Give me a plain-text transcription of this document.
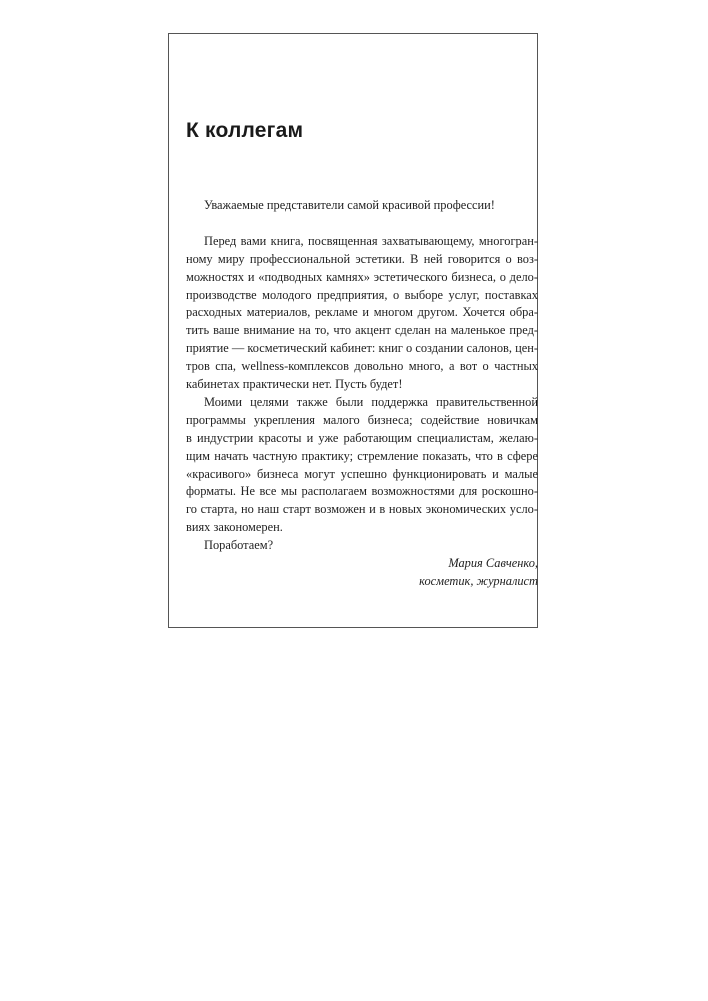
К коллегам

Уважаемые представители самой красивой профессии!

Перед вами книга, посвященная захватывающему, многогран-
ному миру профессиональной эстетики. В ней говорится о воз-
можностях и «подводных камнях» эстетического бизнеса, о дело-
производстве молодого предприятия, о выборе услуг, поставках
расходных материалов, рекламе и многом другом. Хочется обра-
тить ваше внимание на то, что акцент сделан на маленькое пред-
приятие — косметический кабинет: книг о создании салонов, цен-
тров спа, wellness-комплексов довольно много, а вот о частных
кабинетах практически нет. Пусть будет!

Моими целями также были поддержка правительственной
программы укрепления малого бизнеса; содействие новичкам
в индустрии красоты и уже работающим специалистам, желаю-
щим начать частную практику; стремление показать, что в сфере
«красивого» бизнеса могут успешно функционировать и малые
форматы. Не все мы располагаем возможностями для роскошно-
го старта, но наш старт возможен и в новых экономических усло-
виях закономерен.

Поработаем?

Мария Савченко,
косметик, журналист
